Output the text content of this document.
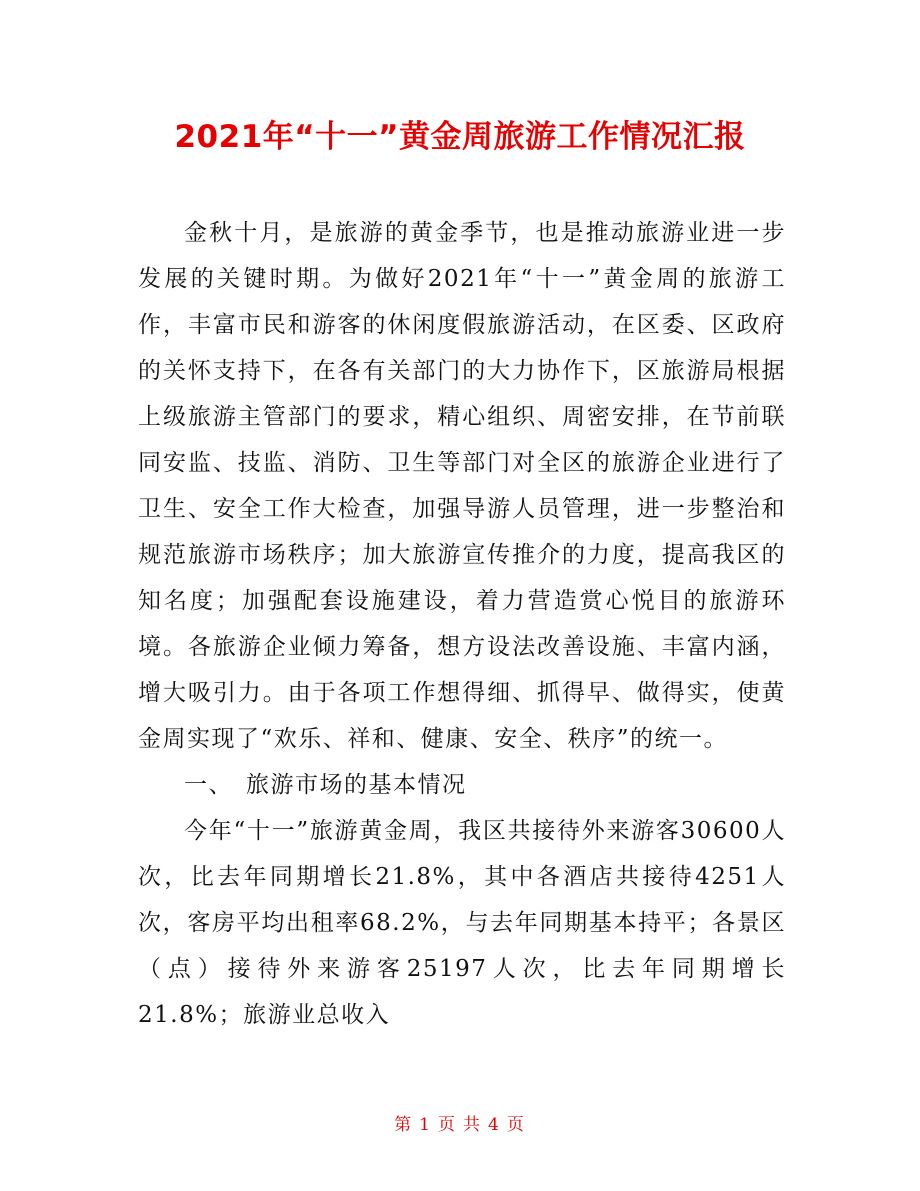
2021年“十一”黄金周旅游工作情况汇报

金秋十月，是旅游的黄金季节，也是推动旅游业进一步发展的关键时期。为做好2021年“十一”黄金周的旅游工作，丰富市民和游客的休闲度假旅游活动，在区委、区政府的关怀支持下，在各有关部门的大力协作下，区旅游局根据上级旅游主管部门的要求，精心组织、周密安排，在节前联同安监、技监、消防、卫生等部门对全区的旅游企业进行了卫生、安全工作大检查，加强导游人员管理，进一步整治和规范旅游市场秩序；加大旅游宣传推介的力度，提高我区的知名度；加强配套设施建设，着力营造赏心悦目的旅游环境。各旅游企业倾力筹备，想方设法改善设施、丰富内涵，增大吸引力。由于各项工作想得细、抓得早、做得实，使黄金周实现了“欢乐、祥和、健康、安全、秩序”的统一。

一、 旅游市场的基本情况

今年“十一”旅游黄金周，我区共接待外来游客30600人次，比去年同期增长21.8%，其中各酒店共接待4251人次，客房平均出租率68.2%，与去年同期基本持平；各景区（点）接待外来游客25197人次，比去年同期增长21.8%；旅游业总收入

第 1 页 共 4 页
